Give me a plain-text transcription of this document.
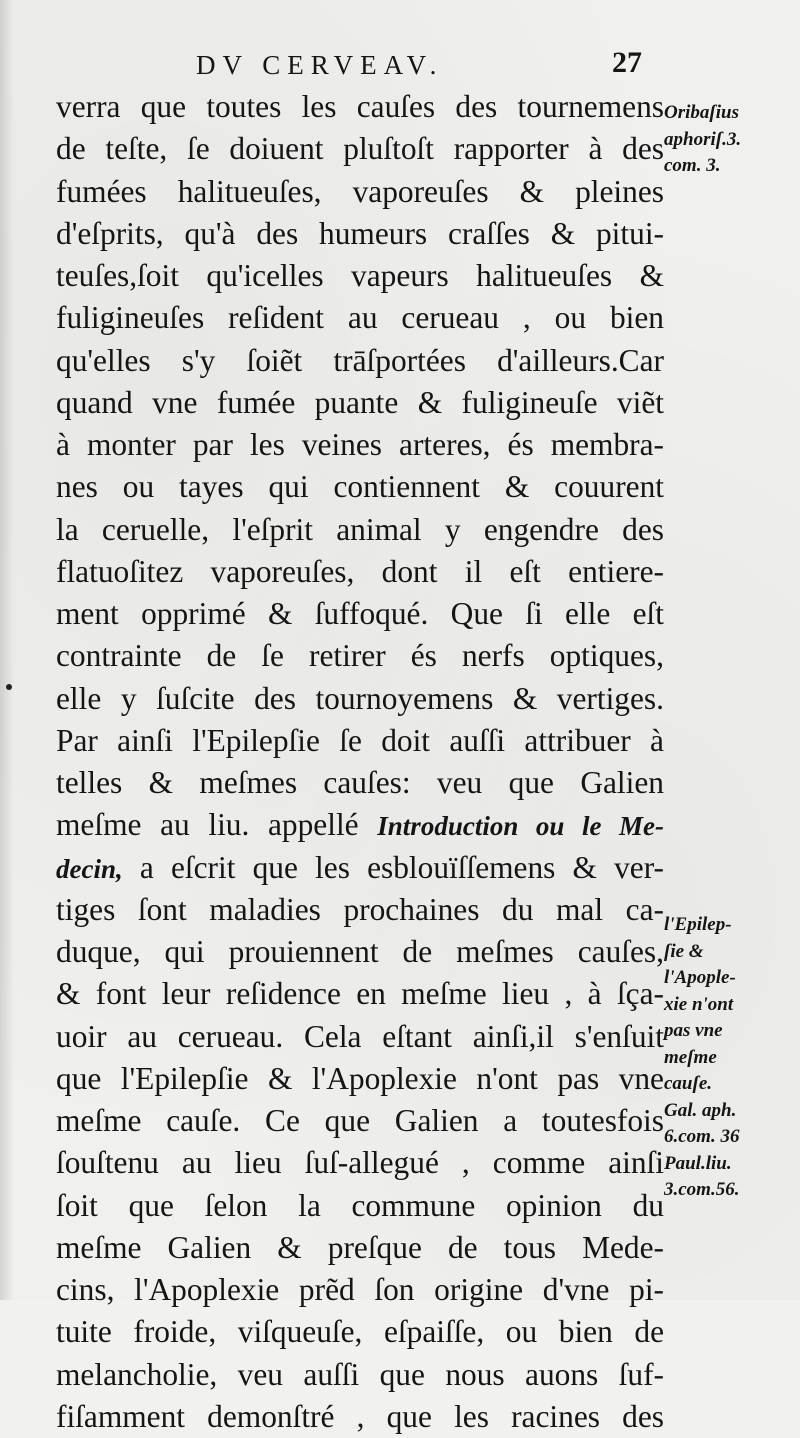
DV CERVEAV.	27
verra que toutes les cauſes des tournemens
de teſte, ſe doiuent pluſtoſt rapporter à des
fumées halitueuſes, vaporeuſes & pleines
d'eſprits, qu'à des humeurs craſſes & pitui-
teuſes,ſoit qu'icelles vapeurs halitueuſes &
fuligineuſes reſident au cerueau , ou bien
qu'elles s'y ſoiẽt trāſportées d'ailleurs.Car
quand vne fumée puante & fuligineuſe viẽt
à monter par les veines arteres, és membra-
nes ou tayes qui contiennent & couurent
la ceruelle, l'eſprit animal y engendre des
flatuoſitez vaporeuſes, dont il eſt entiere-
ment opprimé & ſuffoqué. Que ſi elle eſt
contrainte de ſe retirer és nerfs optiques,
elle y ſuſcite des tournoyemens & vertiges.
Par ainſi l'Epilepſie ſe doit auſſi attribuer à
telles & meſmes cauſes: veu que Galien
meſme au liu. appellé Introduction ou le Me-
decin, a eſcrit que les esblouïſſemens & ver-
tiges ſont maladies prochaines du mal ca-
duque, qui prouiennent de meſmes cauſes,
& font leur reſidence en meſme lieu , à ſça-
uoir au cerueau. Cela eſtant ainſi,il s'enſuit
que l'Epilepſie & l'Apoplexie n'ont pas vne
meſme cauſe. Ce que Galien a toutesfois
ſouſtenu au lieu ſuſ-allegué , comme ainſi
ſoit que ſelon la commune opinion du
meſme Galien & preſque de tous Mede-
cins, l'Apoplexie prẽd ſon origine d'vne pi-
tuite froide, viſqueuſe, eſpaiſſe, ou bien de
melancholie, veu auſſi que nous auons ſuf-
fiſamment demonſtré , que les racines des
Oribaſius
aphoriſ.3.
com. 3.
l'Epilep-
ſie &
l'Apople-
xie n'ont
pas vne
meſme
cauſe.
Gal. aph.
6.com. 36
Paul.liu.
3.com.56.
